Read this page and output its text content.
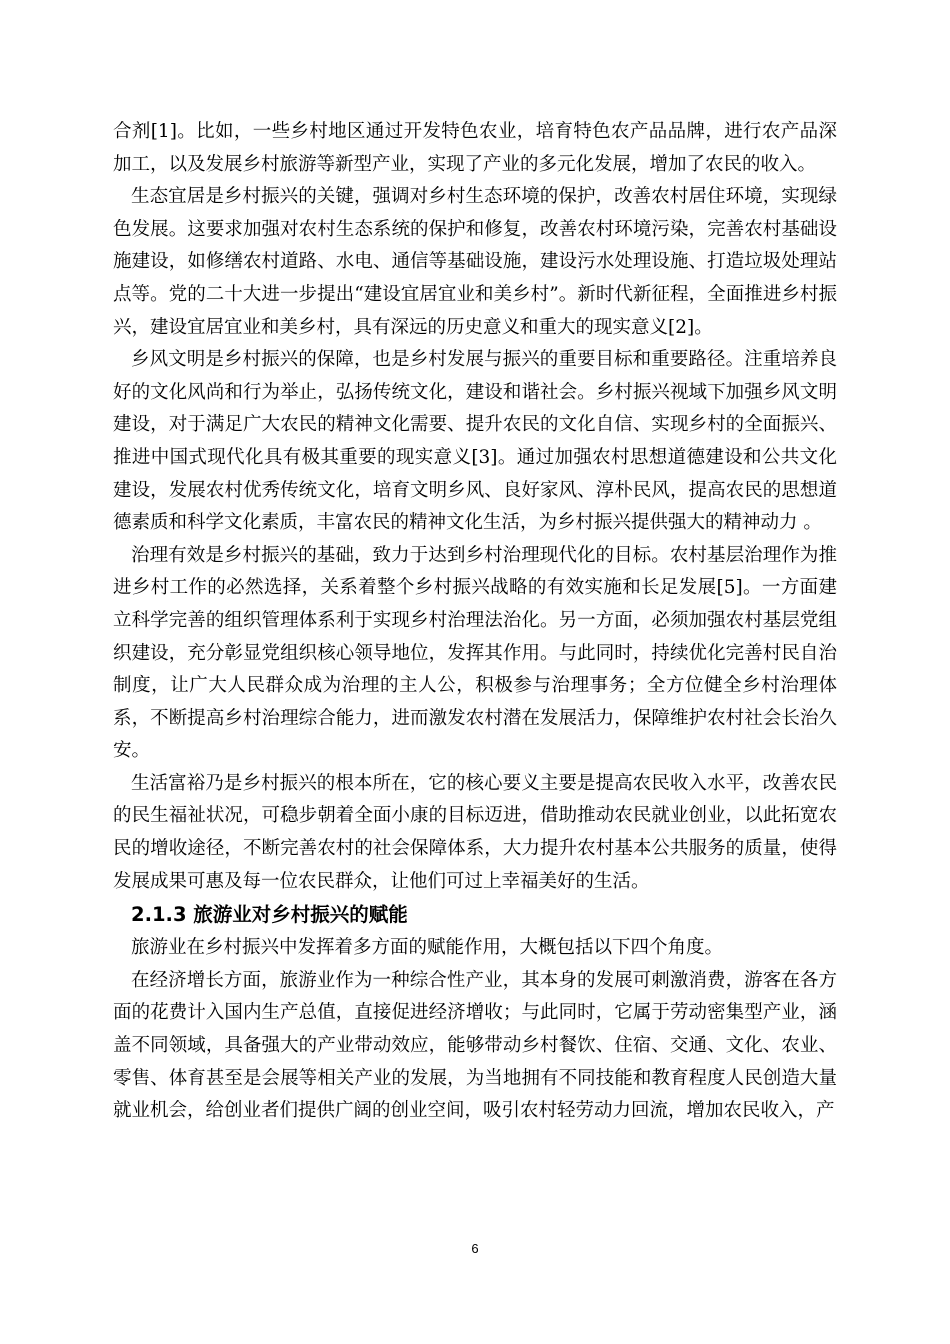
合剂[1]。比如，一些乡村地区通过开发特色农业，培育特色农产品品牌，进行农产品深加工，以及发展乡村旅游等新型产业，实现了产业的多元化发展，增加了农民的收入。

生态宜居是乡村振兴的关键，强调对乡村生态环境的保护，改善农村居住环境，实现绿色发展。这要求加强对农村生态系统的保护和修复，改善农村环境污染，完善农村基础设施建设，如修缮农村道路、水电、通信等基础设施，建设污水处理设施、打造垃圾处理站点等。党的二十大进一步提出“建设宜居宜业和美乡村”。新时代新征程，全面推进乡村振兴，建设宜居宜业和美乡村，具有深远的历史意义和重大的现实意义[2]。

乡风文明是乡村振兴的保障，也是乡村发展与振兴的重要目标和重要路径。注重培养良好的文化风尚和行为举止，弘扬传统文化，建设和谐社会。乡村振兴视域下加强乡风文明建设，对于满足广大农民的精神文化需要、提升农民的文化自信、实现乡村的全面振兴、推进中国式现代化具有极其重要的现实意义[3]。通过加强农村思想道德建设和公共文化建设，发展农村优秀传统文化，培育文明乡风、良好家风、淳朴民风，提高农民的思想道德素质和科学文化素质，丰富农民的精神文化生活，为乡村振兴提供强大的精神动力 。

治理有效是乡村振兴的基础，致力于达到乡村治理现代化的目标。农村基层治理作为推进乡村工作的必然选择，关系着整个乡村振兴战略的有效实施和长足发展[5]。一方面建立科学完善的组织管理体系利于实现乡村治理法治化。另一方面，必须加强农村基层党组织建设，充分彰显党组织核心领导地位，发挥其作用。与此同时，持续优化完善村民自治制度，让广大人民群众成为治理的主人公，积极参与治理事务；全方位健全乡村治理体系，不断提高乡村治理综合能力，进而激发农村潜在发展活力，保障维护农村社会长治久安。

生活富裕乃是乡村振兴的根本所在，它的核心要义主要是提高农民收入水平，改善农民的民生福祉状况，可稳步朝着全面小康的目标迈进，借助推动农民就业创业，以此拓宽农民的增收途径，不断完善农村的社会保障体系，大力提升农村基本公共服务的质量，使得发展成果可惠及每一位农民群众，让他们可过上幸福美好的生活。

2.1.3 旅游业对乡村振兴的赋能

旅游业在乡村振兴中发挥着多方面的赋能作用，大概包括以下四个角度。

在经济增长方面，旅游业作为一种综合性产业，其本身的发展可刺激消费，游客在各方面的花费计入国内生产总值，直接促进经济增收；与此同时，它属于劳动密集型产业，涵盖不同领域，具备强大的产业带动效应，能够带动乡村餐饮、住宿、交通、文化、农业、零售、体育甚至是会展等相关产业的发展，为当地拥有不同技能和教育程度人民创造大量就业机会，给创业者们提供广阔的创业空间，吸引农村轻劳动力回流，增加农民收入，产

6
